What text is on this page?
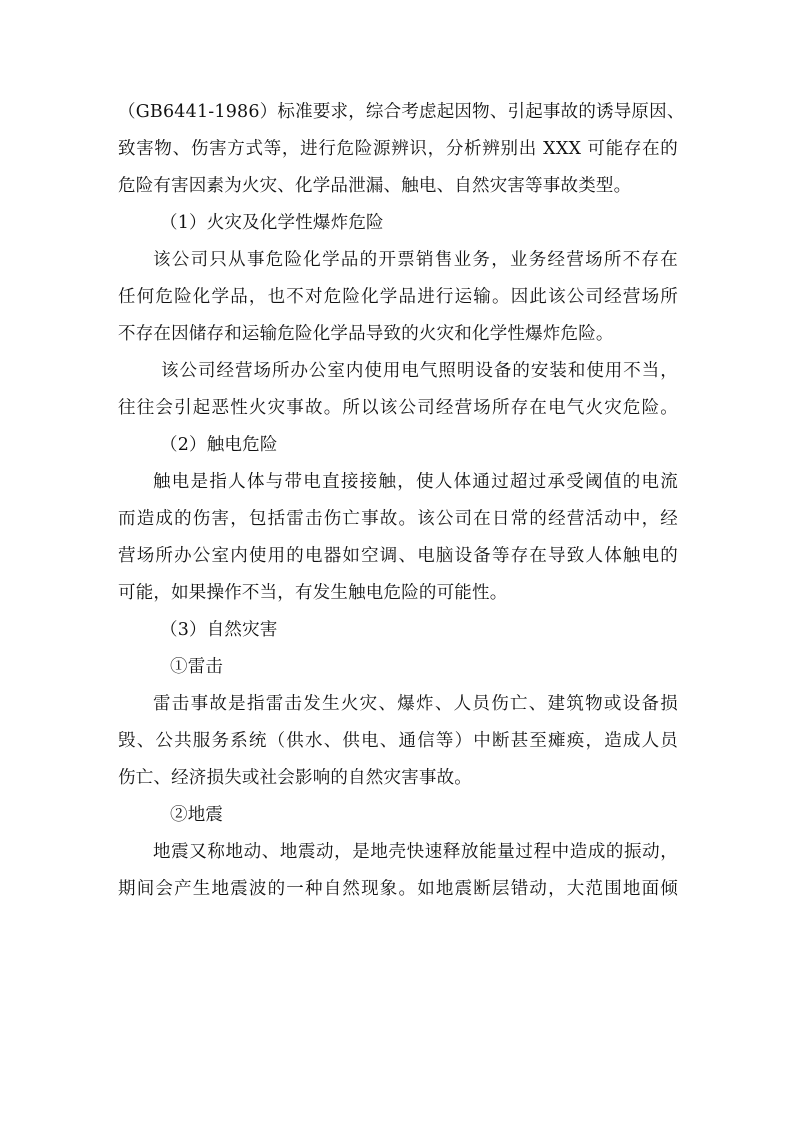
（GB6441-1986）标准要求，综合考虑起因物、引起事故的诱导原因、
致害物、伤害方式等，进行危险源辨识，分析辨别出 XXX 可能存在的
危险有害因素为火灾、化学品泄漏、触电、自然灾害等事故类型。
（1）火灾及化学性爆炸危险
该公司只从事危险化学品的开票销售业务，业务经营场所不存在
任何危险化学品，也不对危险化学品进行运输。因此该公司经营场所
不存在因储存和运输危险化学品导致的火灾和化学性爆炸危险。
该公司经营场所办公室内使用电气照明设备的安装和使用不当，
往往会引起恶性火灾事故。所以该公司经营场所存在电气火灾危险。
（2）触电危险
触电是指人体与带电直接接触，使人体通过超过承受阈值的电流
而造成的伤害，包括雷击伤亡事故。该公司在日常的经营活动中，经
营场所办公室内使用的电器如空调、电脑设备等存在导致人体触电的
可能，如果操作不当，有发生触电危险的可能性。
（3）自然灾害
①雷击
雷击事故是指雷击发生火灾、爆炸、人员伤亡、建筑物或设备损
毁、公共服务系统（供水、供电、通信等）中断甚至瘫痪，造成人员
伤亡、经济损失或社会影响的自然灾害事故。
②地震
地震又称地动、地震动，是地壳快速释放能量过程中造成的振动，
期间会产生地震波的一种自然现象。如地震断层错动，大范围地面倾
